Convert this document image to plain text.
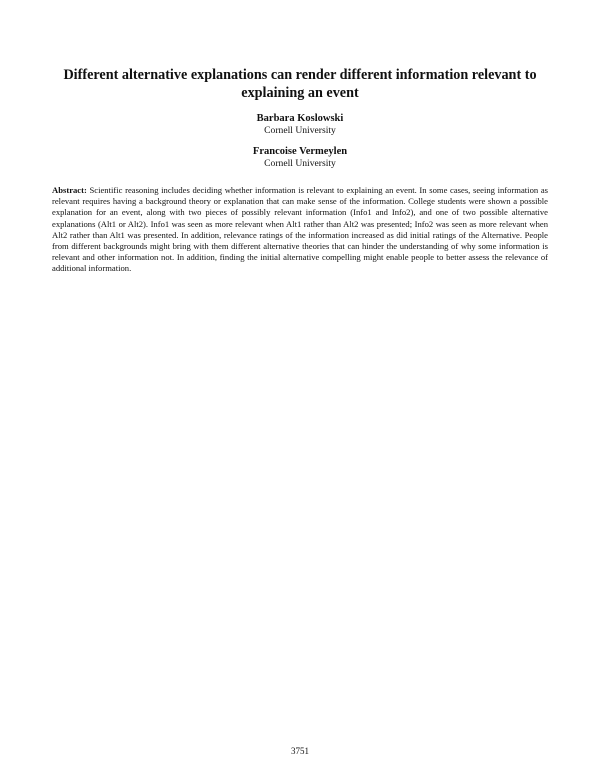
Different alternative explanations can render different information relevant to explaining an event
Barbara Koslowski
Cornell University
Francoise Vermeylen
Cornell University
Abstract: Scientific reasoning includes deciding whether information is relevant to explaining an event. In some cases, seeing information as relevant requires having a background theory or explanation that can make sense of the information. College students were shown a possible explanation for an event, along with two pieces of possibly relevant information (Info1 and Info2), and one of two possible alternative explanations (Alt1 or Alt2). Info1 was seen as more relevant when Alt1 rather than Alt2 was presented; Info2 was seen as more relevant when Alt2 rather than Alt1 was presented. In addition, relevance ratings of the information increased as did initial ratings of the Alternative. People from different backgrounds might bring with them different alternative theories that can hinder the understanding of why some information is relevant and other information not. In addition, finding the initial alternative compelling might enable people to better assess the relevance of additional information.
3751
